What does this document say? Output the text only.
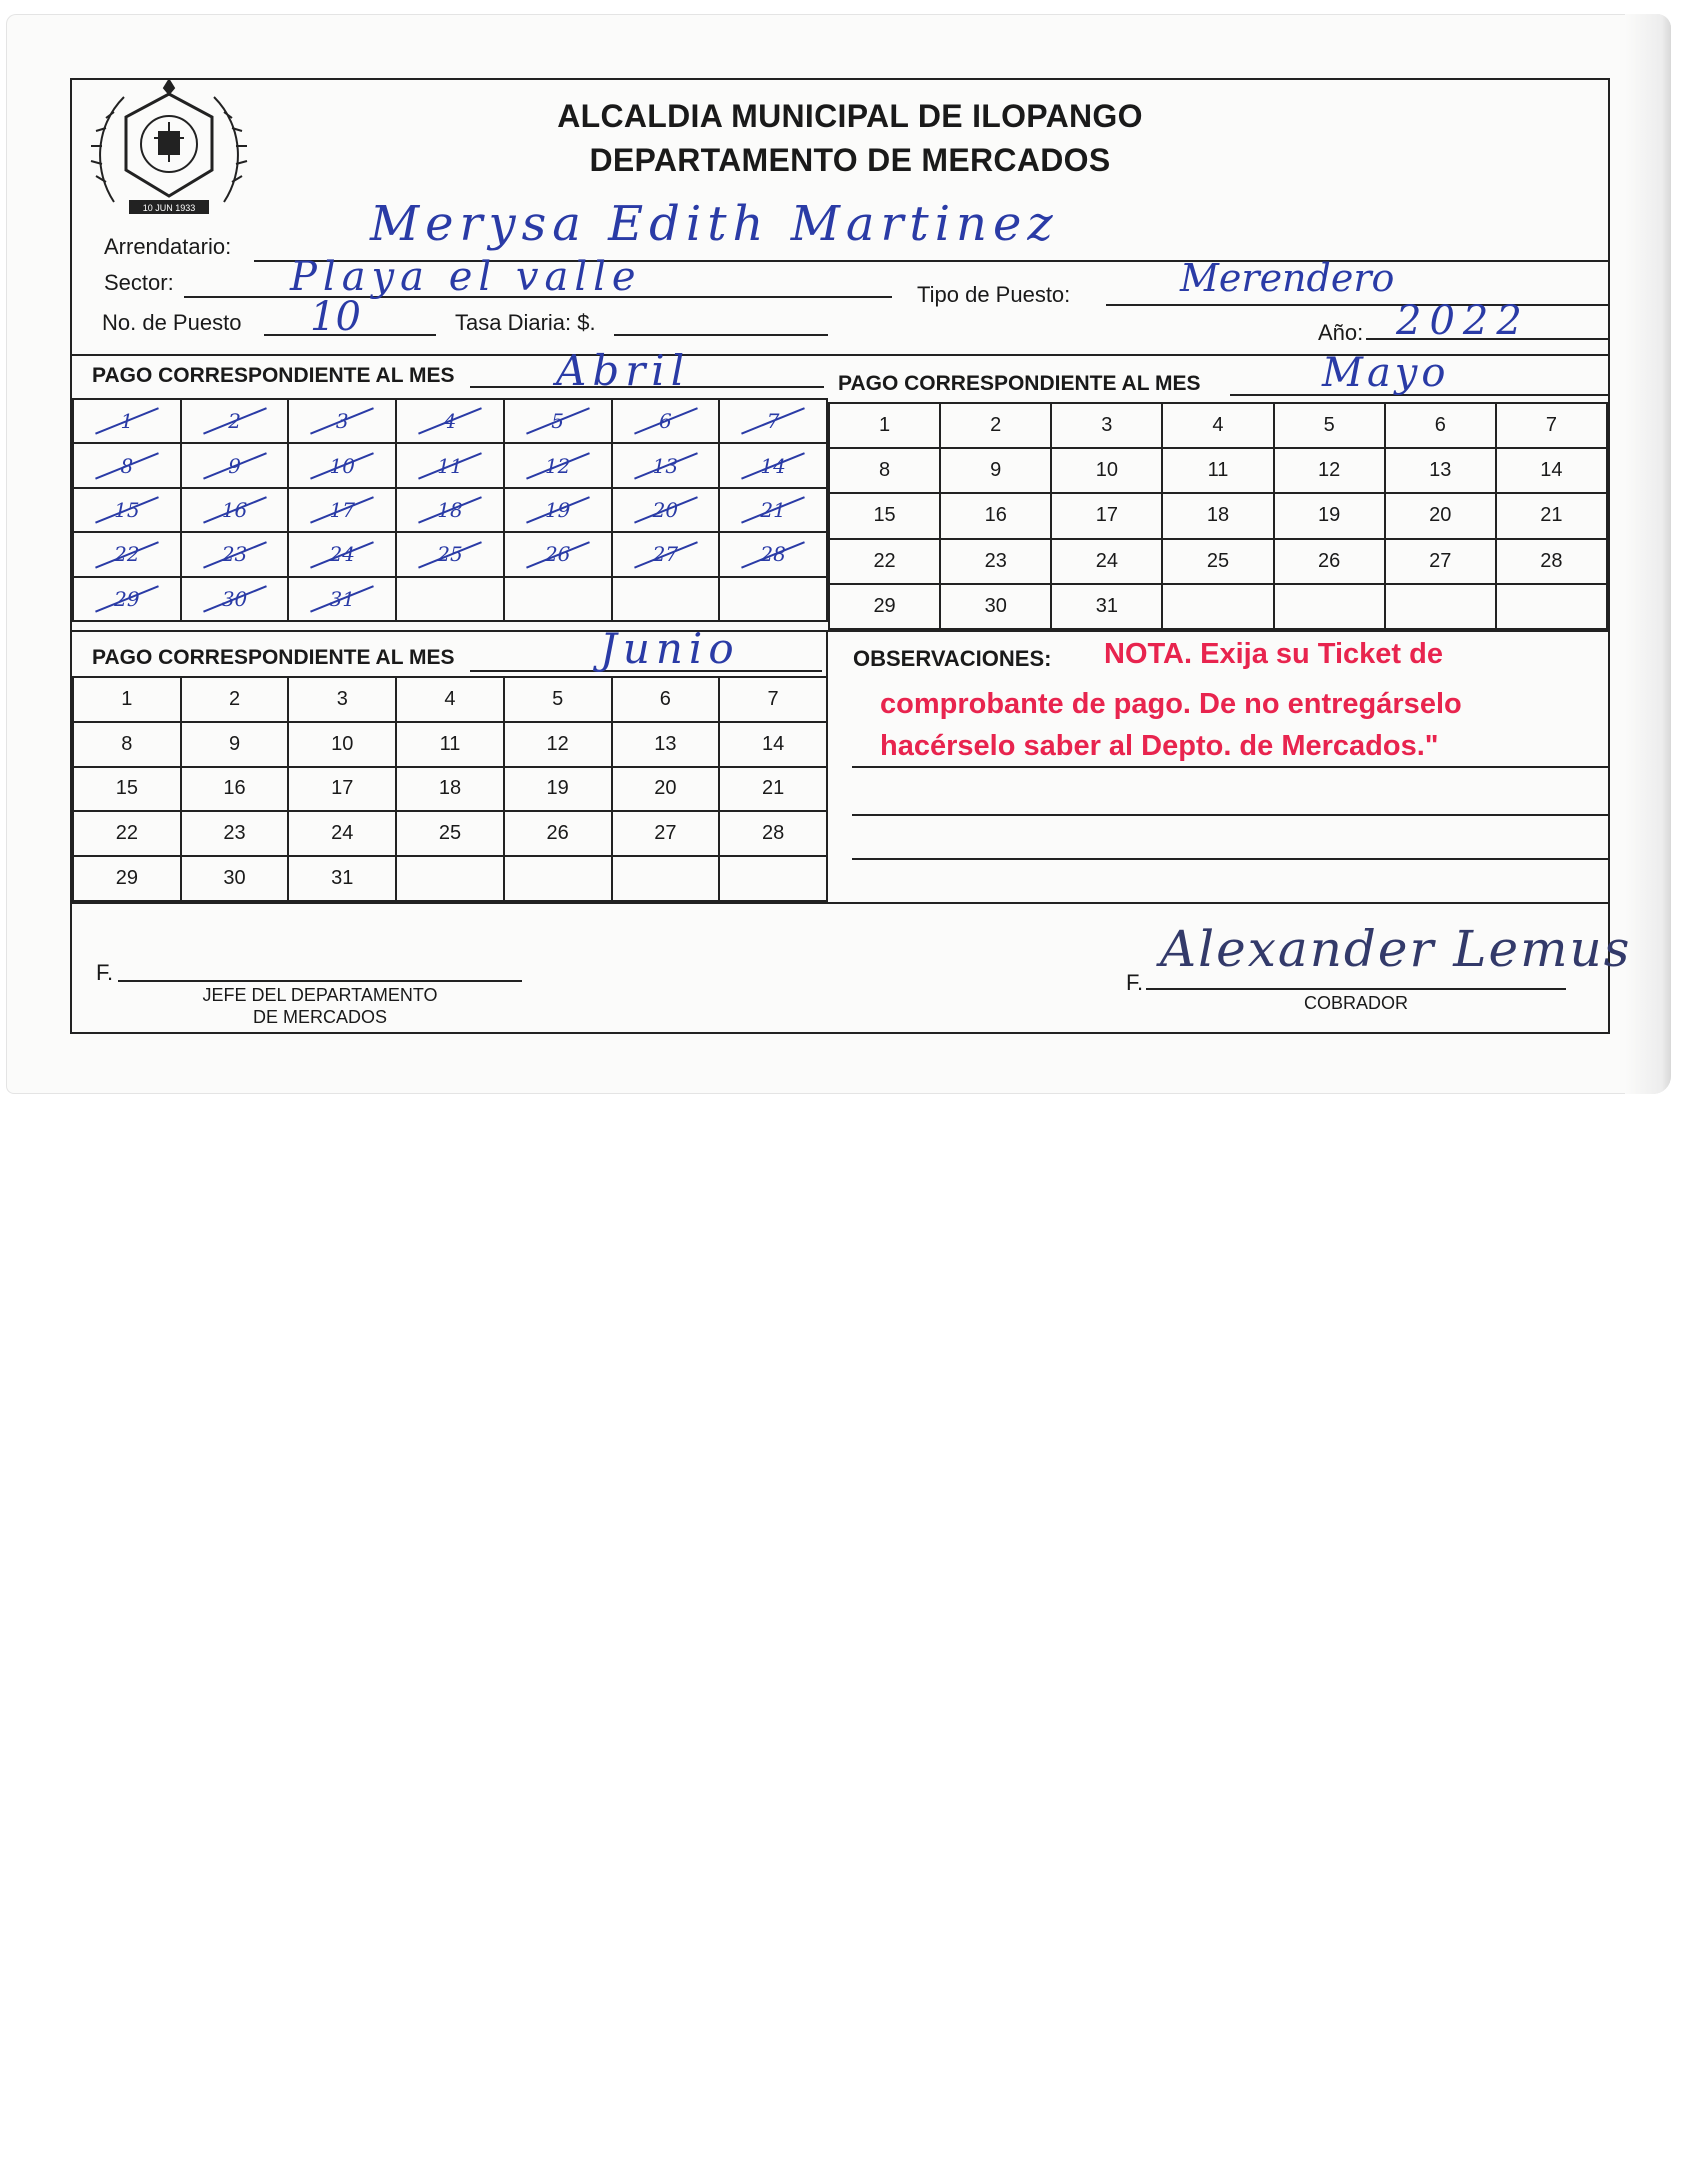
10 JUN 1933
ALCALDIA MUNICIPAL DE ILOPANGO
DEPARTAMENTO DE MERCADOS
Arrendatario:	Merysa Edith Martinez
Sector:	Playa el valle	Tipo de Puesto:	Merendero
No. de Puesto 10	Tasa Diaria: $.	Año: 2022
PAGO CORRESPONDIENTE AL MES Abril	PAGO CORRESPONDIENTE AL MES	Mayo
1	2	3	4	5	6	7
8	9	10	11	12	13	14
15	16	17	18	19	20	21
22	23	24	25	26	27	28
29	30	31				
1	2	3	4	5	6	7
8	9	10	11	12	13	14
15	16	17	18	19	20	21
22	23	24	25	26	27	28
29	30	31				
PAGO CORRESPONDIENTE AL MES	Junio
1	2	3	4	5	6	7
8	9	10	11	12	13	14
15	16	17	18	19	20	21
22	23	24	25	26	27	28
29	30	31				
OBSERVACIONES: NOTA. Exija su Ticket de
comprobante de pago. De no entregárselo
hacérselo saber al Depto. de Mercados."
F.
JEFE DEL DEPARTAMENTO
DE MERCADOS
F.
Alexander Lemus
COBRADOR
